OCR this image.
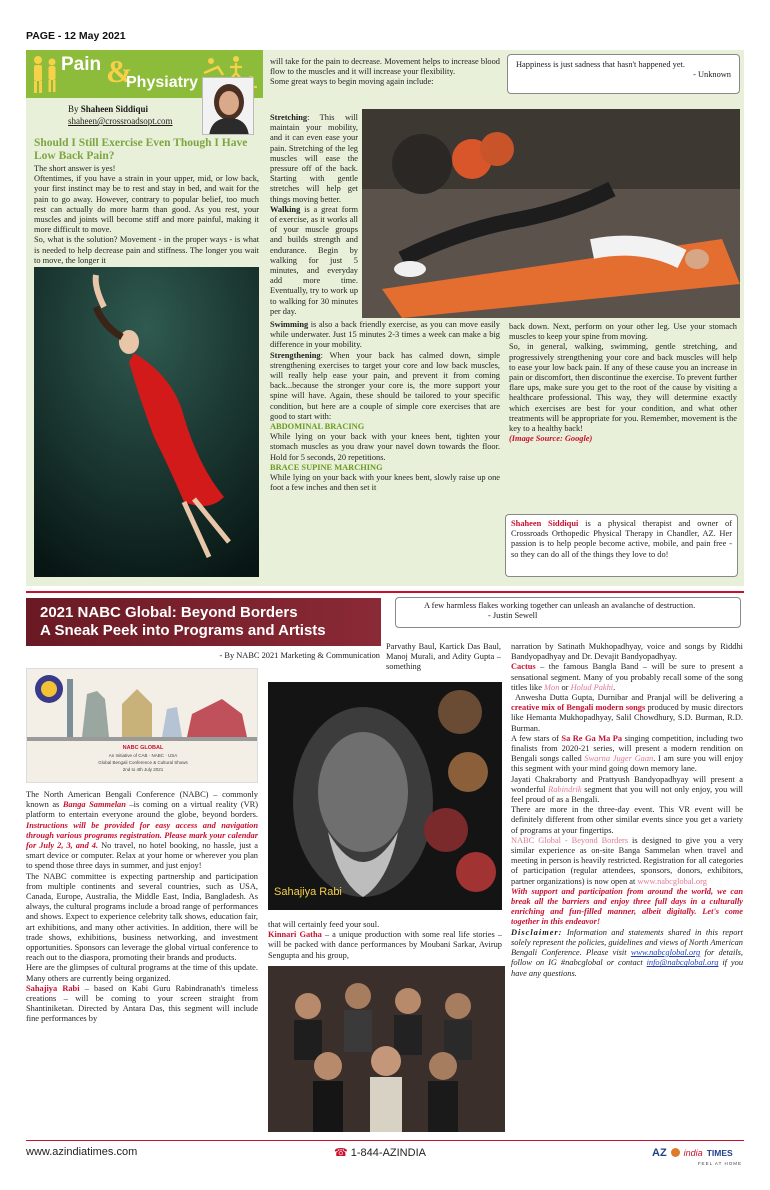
PAGE - 12 May 2021
Pain &
Physiatry
By Shaheen Siddiqui
shaheen@crossroadsopt.com
Should I Still Exercise Even Though I Have Low Back Pain?

The short answer is yes!

Oftentimes, if you have a strain in your upper, mid, or low back, your first instinct may be to rest and stay in bed, and wait for the pain to go away. However, contrary to popular belief, too much rest can actually do more harm than good. As you rest, your muscles and joints will become stiff and more painful, making it more difficult to move.

So, what is the solution? Movement - in the proper ways - is what is needed to help decrease pain and stiffness. The longer you wait to move, the longer it

will take for the pain to decrease. Movement helps to increase blood flow to the muscles and it will increase your flexibility.

Some great ways to begin moving again include:

Stretching: This will maintain your mobility, and it can even ease your pain. Stretching of the leg muscles will ease the pressure off of the back. Starting with gentle stretches will help get things moving better.

Walking is a great form of exercise, as it works all of your muscle groups and builds strength and endurance. Begin by walking for just 5 minutes, and everyday add more time. Eventually, try to work up to walking for 30 minutes per day.

Swimming is also a back friendly exercise, as you can move easily while underwater. Just 15 minutes 2-3 times a week can make a big difference in your mobility.

Strengthening: When your back has calmed down, simple strengthening exercises to target your core and low back muscles, will really help ease your pain, and prevent it from coming back...because the stronger your core is, the more support your spine will have. Again, these should be tailored to your specific condition, but here are a couple of simple core exercises that are good to start with:

ABDOMINAL BRACING

While lying on your back with your knees bent, tighten your stomach muscles as you draw your navel down towards the floor. Hold for 5 seconds, 20 repetitions.

BRACE SUPINE MARCHING

While lying on your back with your knees bent, slowly raise up one foot a few inches and then set it

Happiness is just sadness that hasn't happened yet.
- Unknown

back down. Next, perform on your other leg. Use your stomach muscles to keep your spine from moving.

So, in general, walking, swimming, gentle stretching, and progressively strengthening your core and back muscles will help to ease your low back pain. If any of these cause you an increase in pain or discomfort, then discontinue the exercise. To prevent further flare ups, make sure you get to the root of the cause by visiting a healthcare professional. This way, they will determine exactly which exercises are best for your condition, and what other treatments will be appropriate for you. Remember, movement is the key to a healthy back!

(Image Source: Google)

Shaheen Siddiqui is a physical therapist and owner of Crossroads Orthopedic Physical Therapy in Chandler, AZ. Her passion is to help people become active, mobile, and pain free - so they can do all of the things they love to do!
2021 NABC Global: Beyond Borders
A Sneak Peek into Programs and Artists
- By NABC 2021 Marketing & Communication
A few harmless flakes working together can unleash an avalanche of destruction. - Justin Sewell
NABC GLOBAL
An Initiative of CAB · NABC · USA
Global Bengali Conference & Cultural Shows
2nd to 4th July 2021

The North American Bengali Conference (NABC) – commonly known as Banga Sammelan –is coming on a virtual reality (VR) platform to entertain everyone around the globe, beyond borders. Instructions will be provided for easy access and navigation through various programs registration. Please mark your calendar for July 2, 3, and 4. No travel, no hotel booking, no hassle, just a smart device or computer. Relax at your home or wherever you plan to spend those three days in summer, and just enjoy!

The NABC committee is expecting partnership and participation from multiple continents and several countries, such as USA, Canada, Europe, Australia, the Middle East, India, Bangladesh. As always, the cultural programs include a broad range of performances and shows. Expect to experience celebrity talk shows, education fair, art exhibitions, and many other activities. In addition, there will be trade shows, exhibitions, business networking, and investment opportunities. Sponsors can leverage the global virtual conference to reach out to the diaspora, promoting their brands and products.

Here are the glimpses of cultural programs at the time of this update. Many others are currently being organized.

Sahajiya Rabi – based on Kabi Guru Rabindranath's timeless creations – will be coming to your screen straight from Shantiniketan. Directed by Antara Das, this segment will include fine performances by

Parvathy Baul, Kartick Das Baul, Manoj Murali, and Adity Gupta – something

Sahajiya Rabi

that will certainly feed your soul.

Kinnari Gatha – a unique production with some real life stories – will be packed with dance performances by Moubani Sarkar, Avirup Sengupta and his group,

narration by Satinath Mukhopadhyay, voice and songs by Riddhi Bandyopadhyay and Dr. Devajit Bandyopadhyay.

Cactus – the famous Bangla Band – will be sure to present a sensational segment. Many of you probably recall some of the song titles like Mon or Holud Pakhi.

Anwesha Dutta Gupta, Durnibar and Pranjal will be delivering a creative mix of Bengali modern songs produced by music directors like Hemanta Mukhopadhyay, Salil Chowdhury, S.D. Burman, R.D. Burman.

A few stars of Sa Re Ga Ma Pa singing competition, including two finalists from 2020-21 series, will present a modern rendition on Bengali songs called Swarna Juger Gaan. I am sure you will enjoy this segment with your mind going down memory lane.

Jayati Chakraborty and Prattyush Bandyopadhyay will present a wonderful Rabindrik segment that you will not only enjoy, you will feel proud of as a Bengali.

There are more in the three-day event. This VR event will be definitely different from other similar events since you get a variety of programs at your fingertips.

NABC Global - Beyond Borders is designed to give you a very similar experience as on-site Banga Sammelan when travel and meeting in person is heavily restricted. Registration for all categories of participation (regular attendees, sponsors, donors, exhibitors, partner organizations) is now open at www.nabcglobal.org

With support and participation from around the world, we can break all the barriers and enjoy three full days in a culturally enriching and fun-filled manner, albeit digitally. Let's come together in this endeavor!

Disclaimer: Information and statements shared in this report solely represent the policies, guidelines and views of North American Bengali Conference. Please visit www.nabcglobal.org for details, follow on IG #nabcglobal or contact info@nabcglobal.org if you have any questions.

www.azindiatimes.com	☎ 1-844-AZINDIA	AZ india TIMES
FEEL AT HOME
